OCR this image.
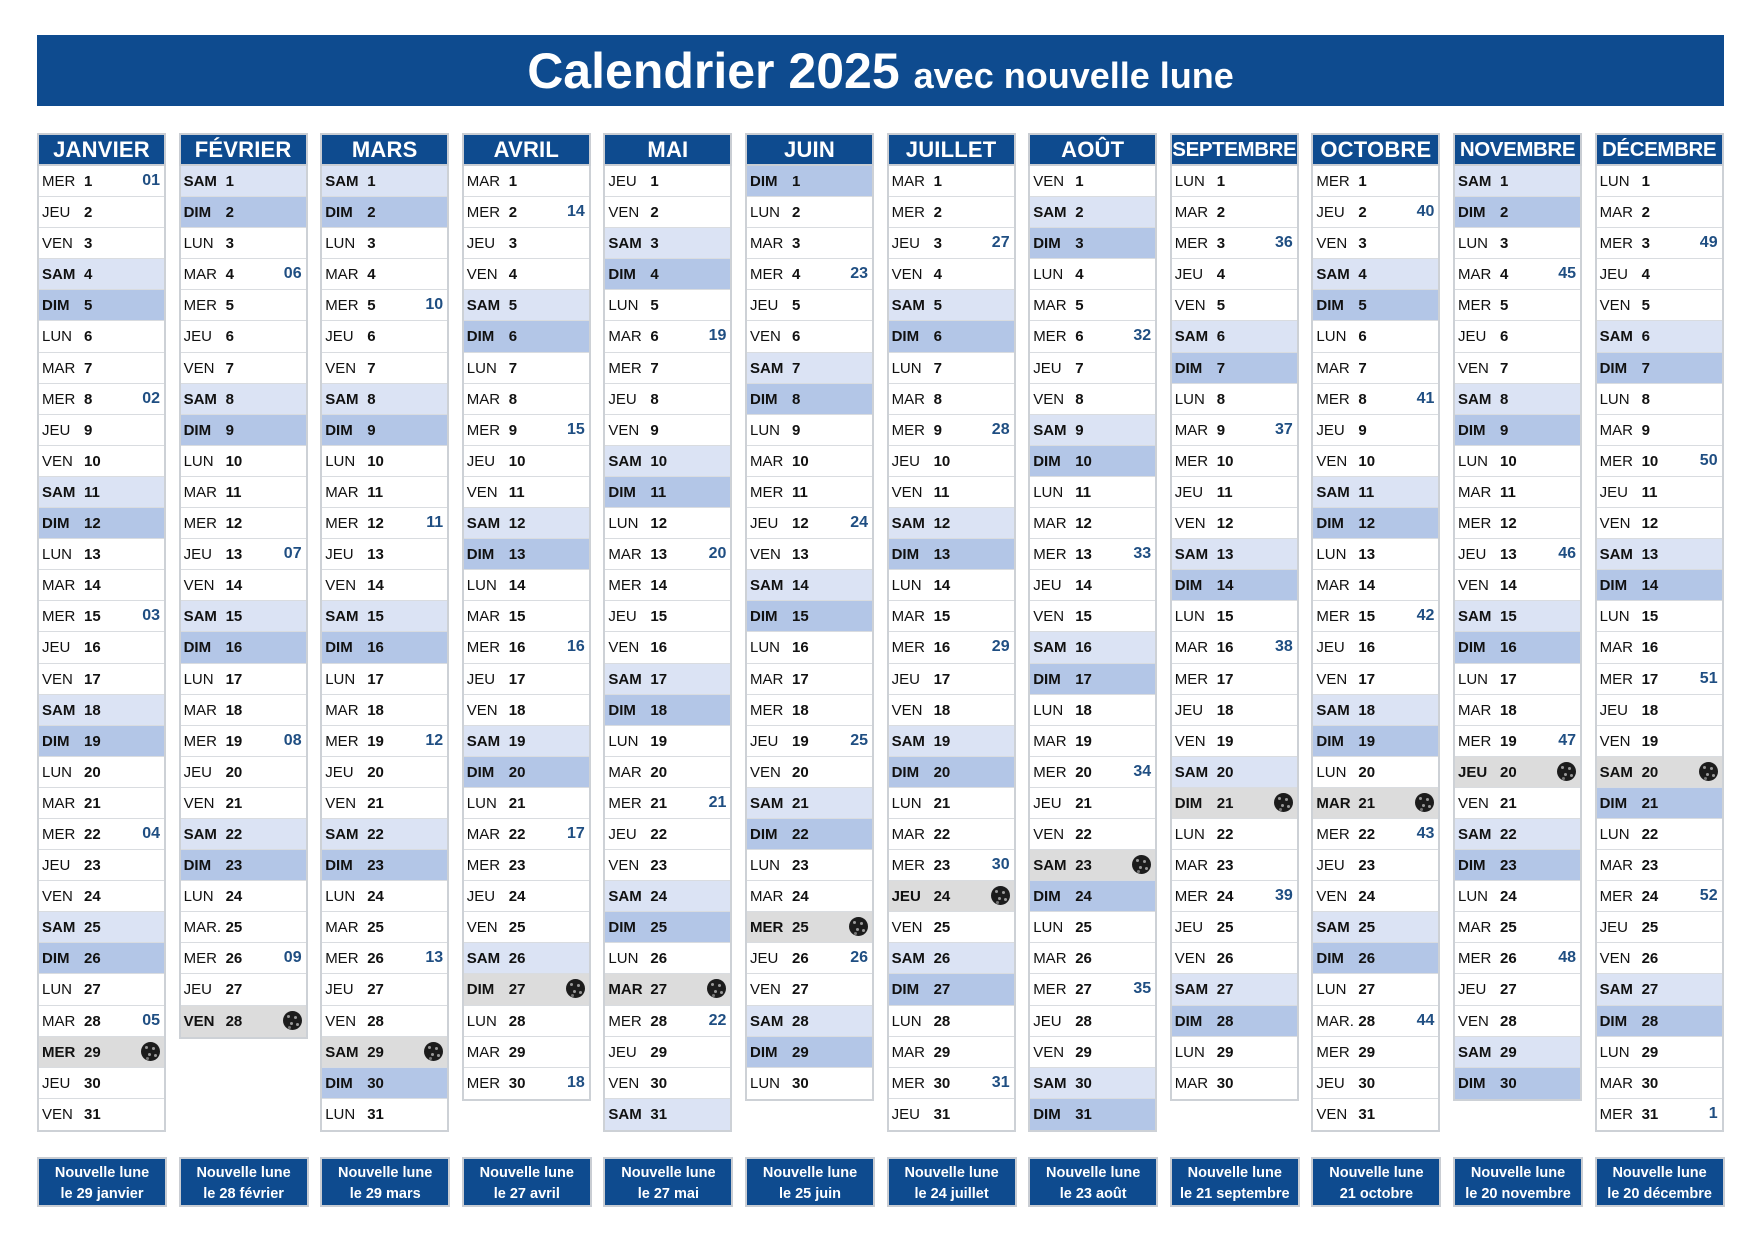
Calendrier 2025 avec nouvelle lune
JANVIER
MER 1	01
JEU 2
VEN 3
SAM 4
DIM 5
LUN 6
MAR 7
MER 8	02
JEU 9
VEN 10
SAM 11
DIM 12
LUN 13
MAR 14
MER 15	03
JEU 16
VEN 17
SAM 18
DIM 19
LUN 20
MAR 21
MER 22	04
JEU 23
VEN 24
SAM 25
DIM 26
LUN 27
MAR 28	05
MER 29
JEU 30
VEN 31
FÉVRIER
SAM 1
DIM 2
LUN 3
MAR 4	06
MER 5
JEU 6
VEN 7
SAM 8
DIM 9
LUN 10
MAR 11
MER 12
JEU 13	07
VEN 14
SAM 15
DIM 16
LUN 17
MAR 18
MER 19	08
JEU 20
VEN 21
SAM 22
DIM 23
LUN 24
MAR. 25
MER 26	09
JEU 27
VEN 28
MARS
SAM 1
DIM 2
LUN 3
MAR 4
MER 5	10
JEU 6
VEN 7
SAM 8
DIM 9
LUN 10
MAR 11
MER 12	11
JEU 13
VEN 14
SAM 15
DIM 16
LUN 17
MAR 18
MER 19	12
JEU 20
VEN 21
SAM 22
DIM 23
LUN 24
MAR 25
MER 26	13
JEU 27
VEN 28
SAM 29
DIM 30
LUN 31
AVRIL
MAR 1
MER 2	14
JEU 3
VEN 4
SAM 5
DIM 6
LUN 7
MAR 8
MER 9	15
JEU 10
VEN 11
SAM 12
DIM 13
LUN 14
MAR 15
MER 16	16
JEU 17
VEN 18
SAM 19
DIM 20
LUN 21
MAR 22	17
MER 23
JEU 24
VEN 25
SAM 26
DIM 27
LUN 28
MAR 29
MER 30	18
MAI
JEU 1
VEN 2
SAM 3
DIM 4
LUN 5
MAR 6	19
MER 7
JEU 8
VEN 9
SAM 10
DIM 11
LUN 12
MAR 13	20
MER 14
JEU 15
VEN 16
SAM 17
DIM 18
LUN 19
MAR 20
MER 21	21
JEU 22
VEN 23
SAM 24
DIM 25
LUN 26
MAR 27
MER 28	22
JEU 29
VEN 30
SAM 31
JUIN
DIM 1
LUN 2
MAR 3
MER 4	23
JEU 5
VEN 6
SAM 7
DIM 8
LUN 9
MAR 10
MER 11
JEU 12	24
VEN 13
SAM 14
DIM 15
LUN 16
MAR 17
MER 18
JEU 19	25
VEN 20
SAM 21
DIM 22
LUN 23
MAR 24
MER 25
JEU 26	26
VEN 27
SAM 28
DIM 29
LUN 30
JUILLET
MAR 1
MER 2
JEU 3	27
VEN 4
SAM 5
DIM 6
LUN 7
MAR 8
MER 9	28
JEU 10
VEN 11
SAM 12
DIM 13
LUN 14
MAR 15
MER 16	29
JEU 17
VEN 18
SAM 19
DIM 20
LUN 21
MAR 22
MER 23	30
JEU 24
VEN 25
SAM 26
DIM 27
LUN 28
MAR 29
MER 30	31
JEU 31
AOÛT
VEN 1
SAM 2
DIM 3
LUN 4
MAR 5
MER 6	32
JEU 7
VEN 8
SAM 9
DIM 10
LUN 11
MAR 12
MER 13	33
JEU 14
VEN 15
SAM 16
DIM 17
LUN 18
MAR 19
MER 20	34
JEU 21
VEN 22
SAM 23
DIM 24
LUN 25
MAR 26
MER 27	35
JEU 28
VEN 29
SAM 30
DIM 31
SEPTEMBRE
LUN 1
MAR 2
MER 3	36
JEU 4
VEN 5
SAM 6
DIM 7
LUN 8
MAR 9	37
MER 10
JEU 11
VEN 12
SAM 13
DIM 14
LUN 15
MAR 16	38
MER 17
JEU 18
VEN 19
SAM 20
DIM 21
LUN 22
MAR 23
MER 24	39
JEU 25
VEN 26
SAM 27
DIM 28
LUN 29
MAR 30
OCTOBRE
MER 1
JEU 2	40
VEN 3
SAM 4
DIM 5
LUN 6
MAR 7
MER 8	41
JEU 9
VEN 10
SAM 11
DIM 12
LUN 13
MAR 14
MER 15	42
JEU 16
VEN 17
SAM 18
DIM 19
LUN 20
MAR 21
MER 22	43
JEU 23
VEN 24
SAM 25
DIM 26
LUN 27
MAR. 28	44
MER 29
JEU 30
VEN 31
NOVEMBRE
SAM 1
DIM 2
LUN 3
MAR 4	45
MER 5
JEU 6
VEN 7
SAM 8
DIM 9
LUN 10
MAR 11
MER 12
JEU 13	46
VEN 14
SAM 15
DIM 16
LUN 17
MAR 18
MER 19	47
JEU 20
VEN 21
SAM 22
DIM 23
LUN 24
MAR 25
MER 26	48
JEU 27
VEN 28
SAM 29
DIM 30
DÉCEMBRE
LUN 1
MAR 2
MER 3	49
JEU 4
VEN 5
SAM 6
DIM 7
LUN 8
MAR 9
MER 10	50
JEU 11
VEN 12
SAM 13
DIM 14
LUN 15
MAR 16
MER 17	51
JEU 18
VEN 19
SAM 20
DIM 21
LUN 22
MAR 23
MER 24	52
JEU 25
VEN 26
SAM 27
DIM 28
LUN 29
MAR 30
MER 31	1
Nouvelle lune
le 29 janvier
Nouvelle lune
le 28 février
Nouvelle lune
le 29 mars
Nouvelle lune
le 27 avril
Nouvelle lune
le 27 mai
Nouvelle lune
le 25 juin
Nouvelle lune
le 24 juillet
Nouvelle lune
le 23 août
Nouvelle lune
le 21 septembre
Nouvelle lune
21 octobre
Nouvelle lune
le 20 novembre
Nouvelle lune
le 20 décembre
